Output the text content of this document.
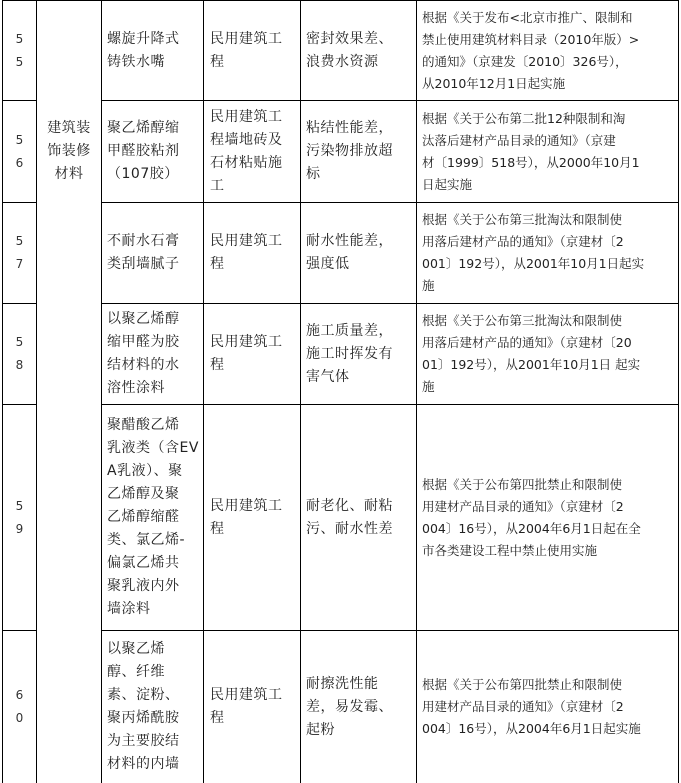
5
5
螺旋升降式
铸铁水嘴
民用建筑工
程
密封效果差、
浪费水资源
根据《关于发布<北京市推广、限制和
禁止使用建筑材料目录（2010年版）>
的通知》（京建发〔2010〕326号），
从2010年12月1日起实施
5
6
建筑装
饰装修
材料
聚乙烯醇缩
甲醛胶粘剂
（107胶）
民用建筑工
程墙地砖及
石材粘贴施
工
粘结性能差，
污染物排放超
标
根据《关于公布第二批12种限制和淘
汰落后建材产品目录的通知》（京建
材〔1999〕518号），从2000年10月1
日起实施
5
7
不耐水石膏
类刮墙腻子
民用建筑工
程
耐水性能差，
强度低
根据《关于公布第三批淘汰和限制使
用落后建材产品的通知》（京建材〔2
001〕192号），从2001年10月1日起实
施
5
8
以聚乙烯醇
缩甲醛为胶
结材料的水
溶性涂料
民用建筑工
程
施工质量差，
施工时挥发有
害气体
根据《关于公布第三批淘汰和限制使
用落后建材产品的通知》（京建材〔20
01〕192号），从2001年10月1日 起实
施
5
9
聚醋酸乙烯
乳液类（含EV
A乳液）、聚
乙烯醇及聚
乙烯醇缩醛
类、氯乙烯-
偏氯乙烯共
聚乳液内外
墙涂料
民用建筑工
程
耐老化、耐粘
污、耐水性差
根据《关于公布第四批禁止和限制使
用建材产品目录的通知》（京建材〔2
004〕16号），从2004年6月1日起在全
市各类建设工程中禁止使用实施
6
0
以聚乙烯
醇、纤维
素、淀粉、
聚丙烯酰胺
为主要胶结
材料的内墙
民用建筑工
程
耐擦洗性能
差，易发霉、
起粉
根据《关于公布第四批禁止和限制使
用建材产品目录的通知》（京建材〔2
004〕16号），从2004年6月1日起实施
